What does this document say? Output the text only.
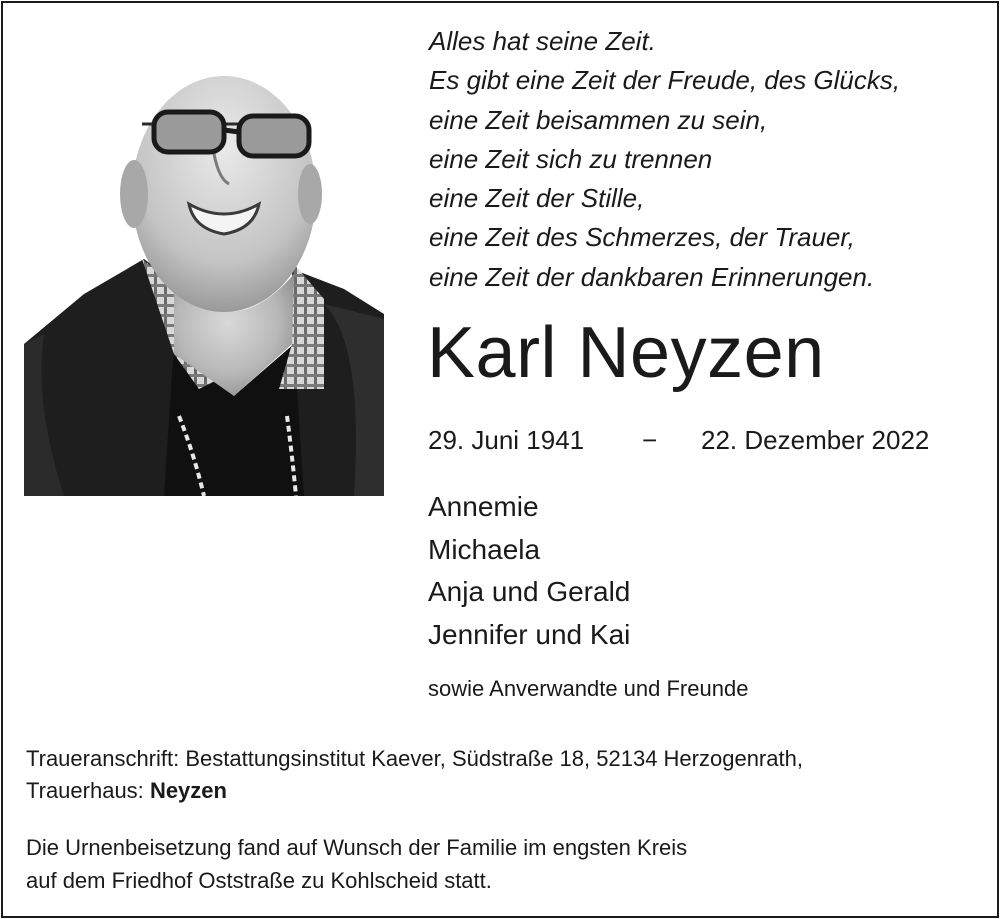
Alles hat seine Zeit.
Es gibt eine Zeit der Freude, des Glücks,
eine Zeit beisammen zu sein,
eine Zeit sich zu trennen
eine Zeit der Stille,
eine Zeit des Schmerzes, der Trauer,
eine Zeit der dankbaren Erinnerungen.
Karl Neyzen
29. Juni 1941 − 22. Dezember 2022
Annemie
Michaela
Anja und Gerald
Jennifer und Kai
sowie Anverwandte und Freunde
Traueranschrift: Bestattungsinstitut Kaever, Südstraße 18, 52134 Herzogenrath,
Trauerhaus: Neyzen
Die Urnenbeisetzung fand auf Wunsch der Familie im engsten Kreis
auf dem Friedhof Oststraße zu Kohlscheid statt.
